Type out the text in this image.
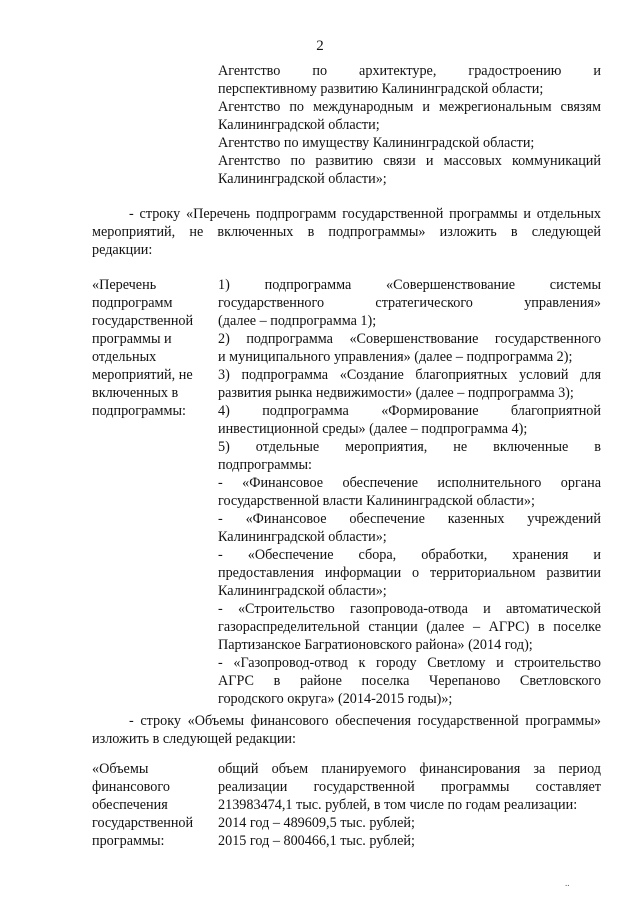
2
Агентство по архитектуре, градостроению и
перспективному развитию Калининградской области;
Агентство по международным и межрегиональным связям
Калининградской области;
Агентство по имуществу Калининградской области;
Агентство по развитию связи и массовых коммуникаций
Калининградской области»;
- строку «Перечень подпрограмм государственной программы и отдельных
мероприятий, не включенных в подпрограммы» изложить в следующей
редакции:
«Перечень
подпрограмм
государственной
программы и
отдельных
мероприятий, не
включенных в
подпрограммы:
1) подпрограмма «Совершенствование системы
государственного стратегического управления»
(далее – подпрограмма 1);
2) подпрограмма «Совершенствование государственного
и муниципального управления» (далее – подпрограмма 2);
3) подпрограмма «Создание благоприятных условий для
развития рынка недвижимости» (далее – подпрограмма 3);
4) подпрограмма «Формирование благоприятной
инвестиционной среды» (далее – подпрограмма 4);
5) отдельные мероприятия, не включенные в
подпрограммы:
- «Финансовое обеспечение исполнительного органа
государственной власти Калининградской области»;
- «Финансовое обеспечение казенных учреждений
Калининградской области»;
- «Обеспечение сбора, обработки, хранения и
предоставления информации о территориальном развитии
Калининградской области»;
- «Строительство газопровода-отвода и автоматической
газораспределительной станции (далее – АГРС) в поселке
Партизанское Багратионовского района» (2014 год);
- «Газопровод-отвод к городу Светлому и строительство
АГРС в районе поселка Черепаново Светловского
городского округа» (2014-2015 годы)»;
- строку «Объемы финансового обеспечения государственной программы»
изложить в следующей редакции:
«Объемы
финансового
обеспечения
государственной
программы:
общий объем планируемого финансирования за период
реализации государственной программы составляет
213983474,1 тыс. рублей, в том числе по годам реализации:
2014 год – 489609,5 тыс. рублей;
2015 год – 800466,1 тыс. рублей;
..
